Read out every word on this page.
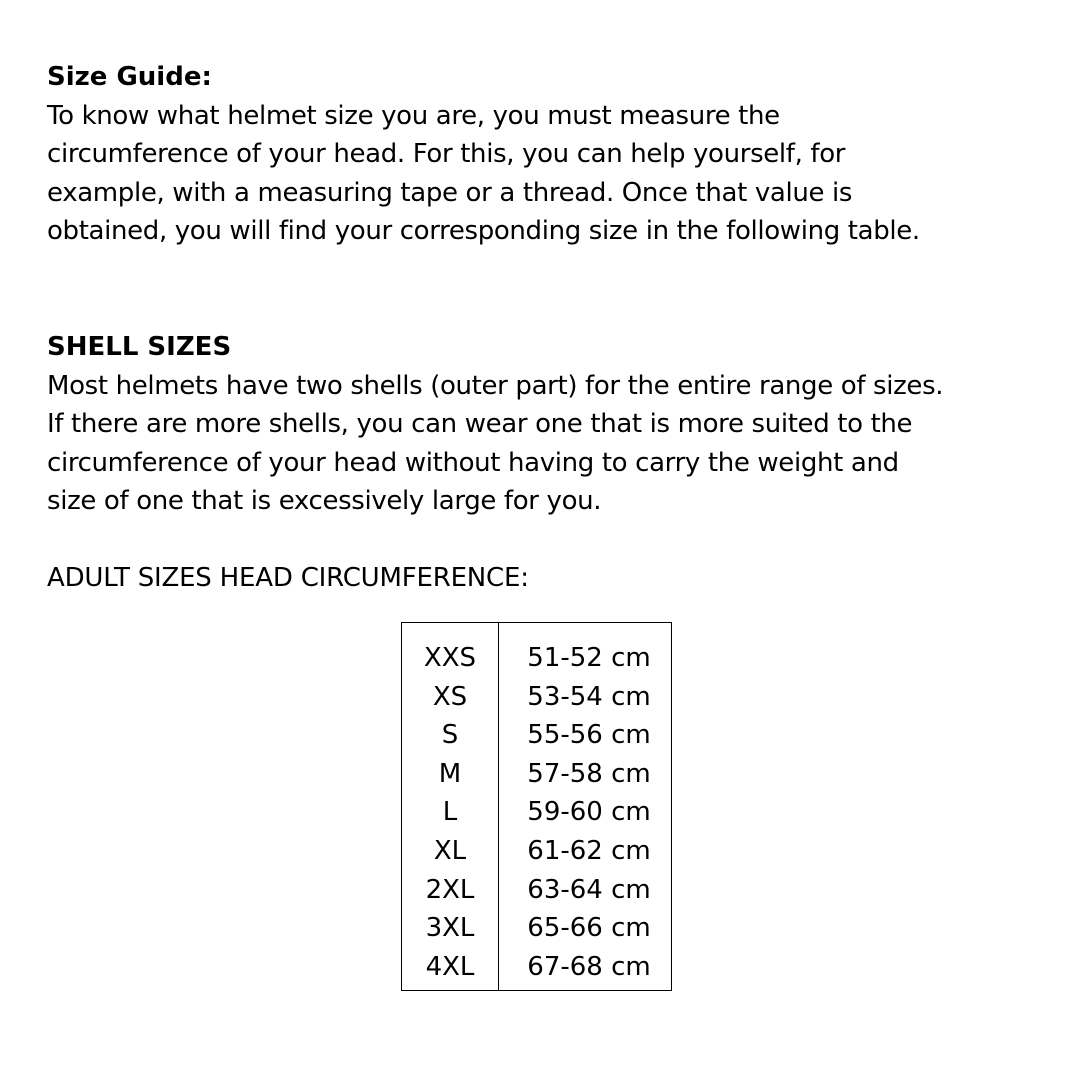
Size Guide:

To know what helmet size you are, you must measure the

circumference of your head. For this, you can help yourself, for

example, with a measuring tape or a thread. Once that value is

obtained, you will find your corresponding size in the following table.

SHELL SIZES

Most helmets have two shells (outer part) for the entire range of sizes.

If there are more shells, you can wear one that is more suited to the

circumference of your head without having to carry the weight and

size of one that is excessively large for you.

ADULT SIZES HEAD CIRCUMFERENCE:

XXS
XS
S
M
L
XL
2XL
3XL
4XL
51-52 cm
53-54 cm
55-56 cm
57-58 cm
59-60 cm
61-62 cm
63-64 cm
65-66 cm
67-68 cm
